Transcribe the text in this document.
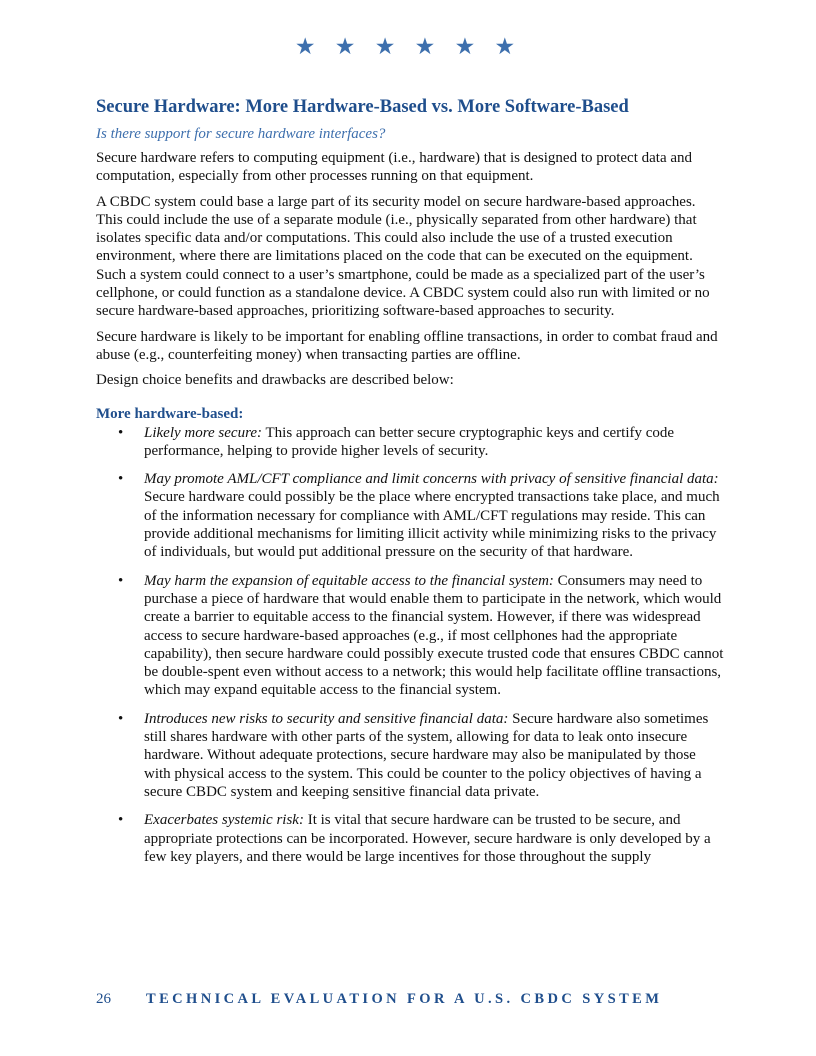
★ ★ ★ ★ ★ ★
Secure Hardware: More Hardware-Based vs. More Software-Based
Is there support for secure hardware interfaces?

Secure hardware refers to computing equipment (i.e., hardware) that is designed to protect data and computation, especially from other processes running on that equipment.

A CBDC system could base a large part of its security model on secure hardware-based approaches. This could include the use of a separate module (i.e., physically separated from other hardware) that isolates specific data and/or computations. This could also include the use of a trusted execution environment, where there are limitations placed on the code that can be executed on the equipment. Such a system could connect to a user’s smartphone, could be made as a specialized part of the user’s cellphone, or could function as a standalone device. A CBDC system could also run with limited or no secure hardware-based approaches, prioritizing software-based approaches to security.

Secure hardware is likely to be important for enabling offline transactions, in order to combat fraud and abuse (e.g., counterfeiting money) when transacting parties are offline.

Design choice benefits and drawbacks are described below:

More hardware-based:
• Likely more secure: This approach can better secure cryptographic keys and certify code performance, helping to provide higher levels of security.
• May promote AML/CFT compliance and limit concerns with privacy of sensitive financial data: Secure hardware could possibly be the place where encrypted transactions take place, and much of the information necessary for compliance with AML/CFT regulations may reside. This can provide additional mechanisms for limiting illicit activity while minimizing risks to the privacy of individuals, but would put additional pressure on the security of that hardware.
• May harm the expansion of equitable access to the financial system: Consumers may need to purchase a piece of hardware that would enable them to participate in the network, which would create a barrier to equitable access to the financial system. However, if there was widespread access to secure hardware-based approaches (e.g., if most cellphones had the appropriate capability), then secure hardware could possibly execute trusted code that ensures CBDC cannot be double-spent even without access to a network; this would help facilitate offline transactions, which may expand equitable access to the financial system.
• Introduces new risks to security and sensitive financial data: Secure hardware also sometimes still shares hardware with other parts of the system, allowing for data to leak onto insecure hardware. Without adequate protections, secure hardware may also be manipulated by those with physical access to the system. This could be counter to the policy objectives of having a secure CBDC system and keeping sensitive financial data private.
• Exacerbates systemic risk: It is vital that secure hardware can be trusted to be secure, and appropriate protections can be incorporated. However, secure hardware is only developed by a few key players, and there would be large incentives for those throughout the supply
26 TECHNICAL EVALUATION FOR A U.S. CBDC SYSTEM
